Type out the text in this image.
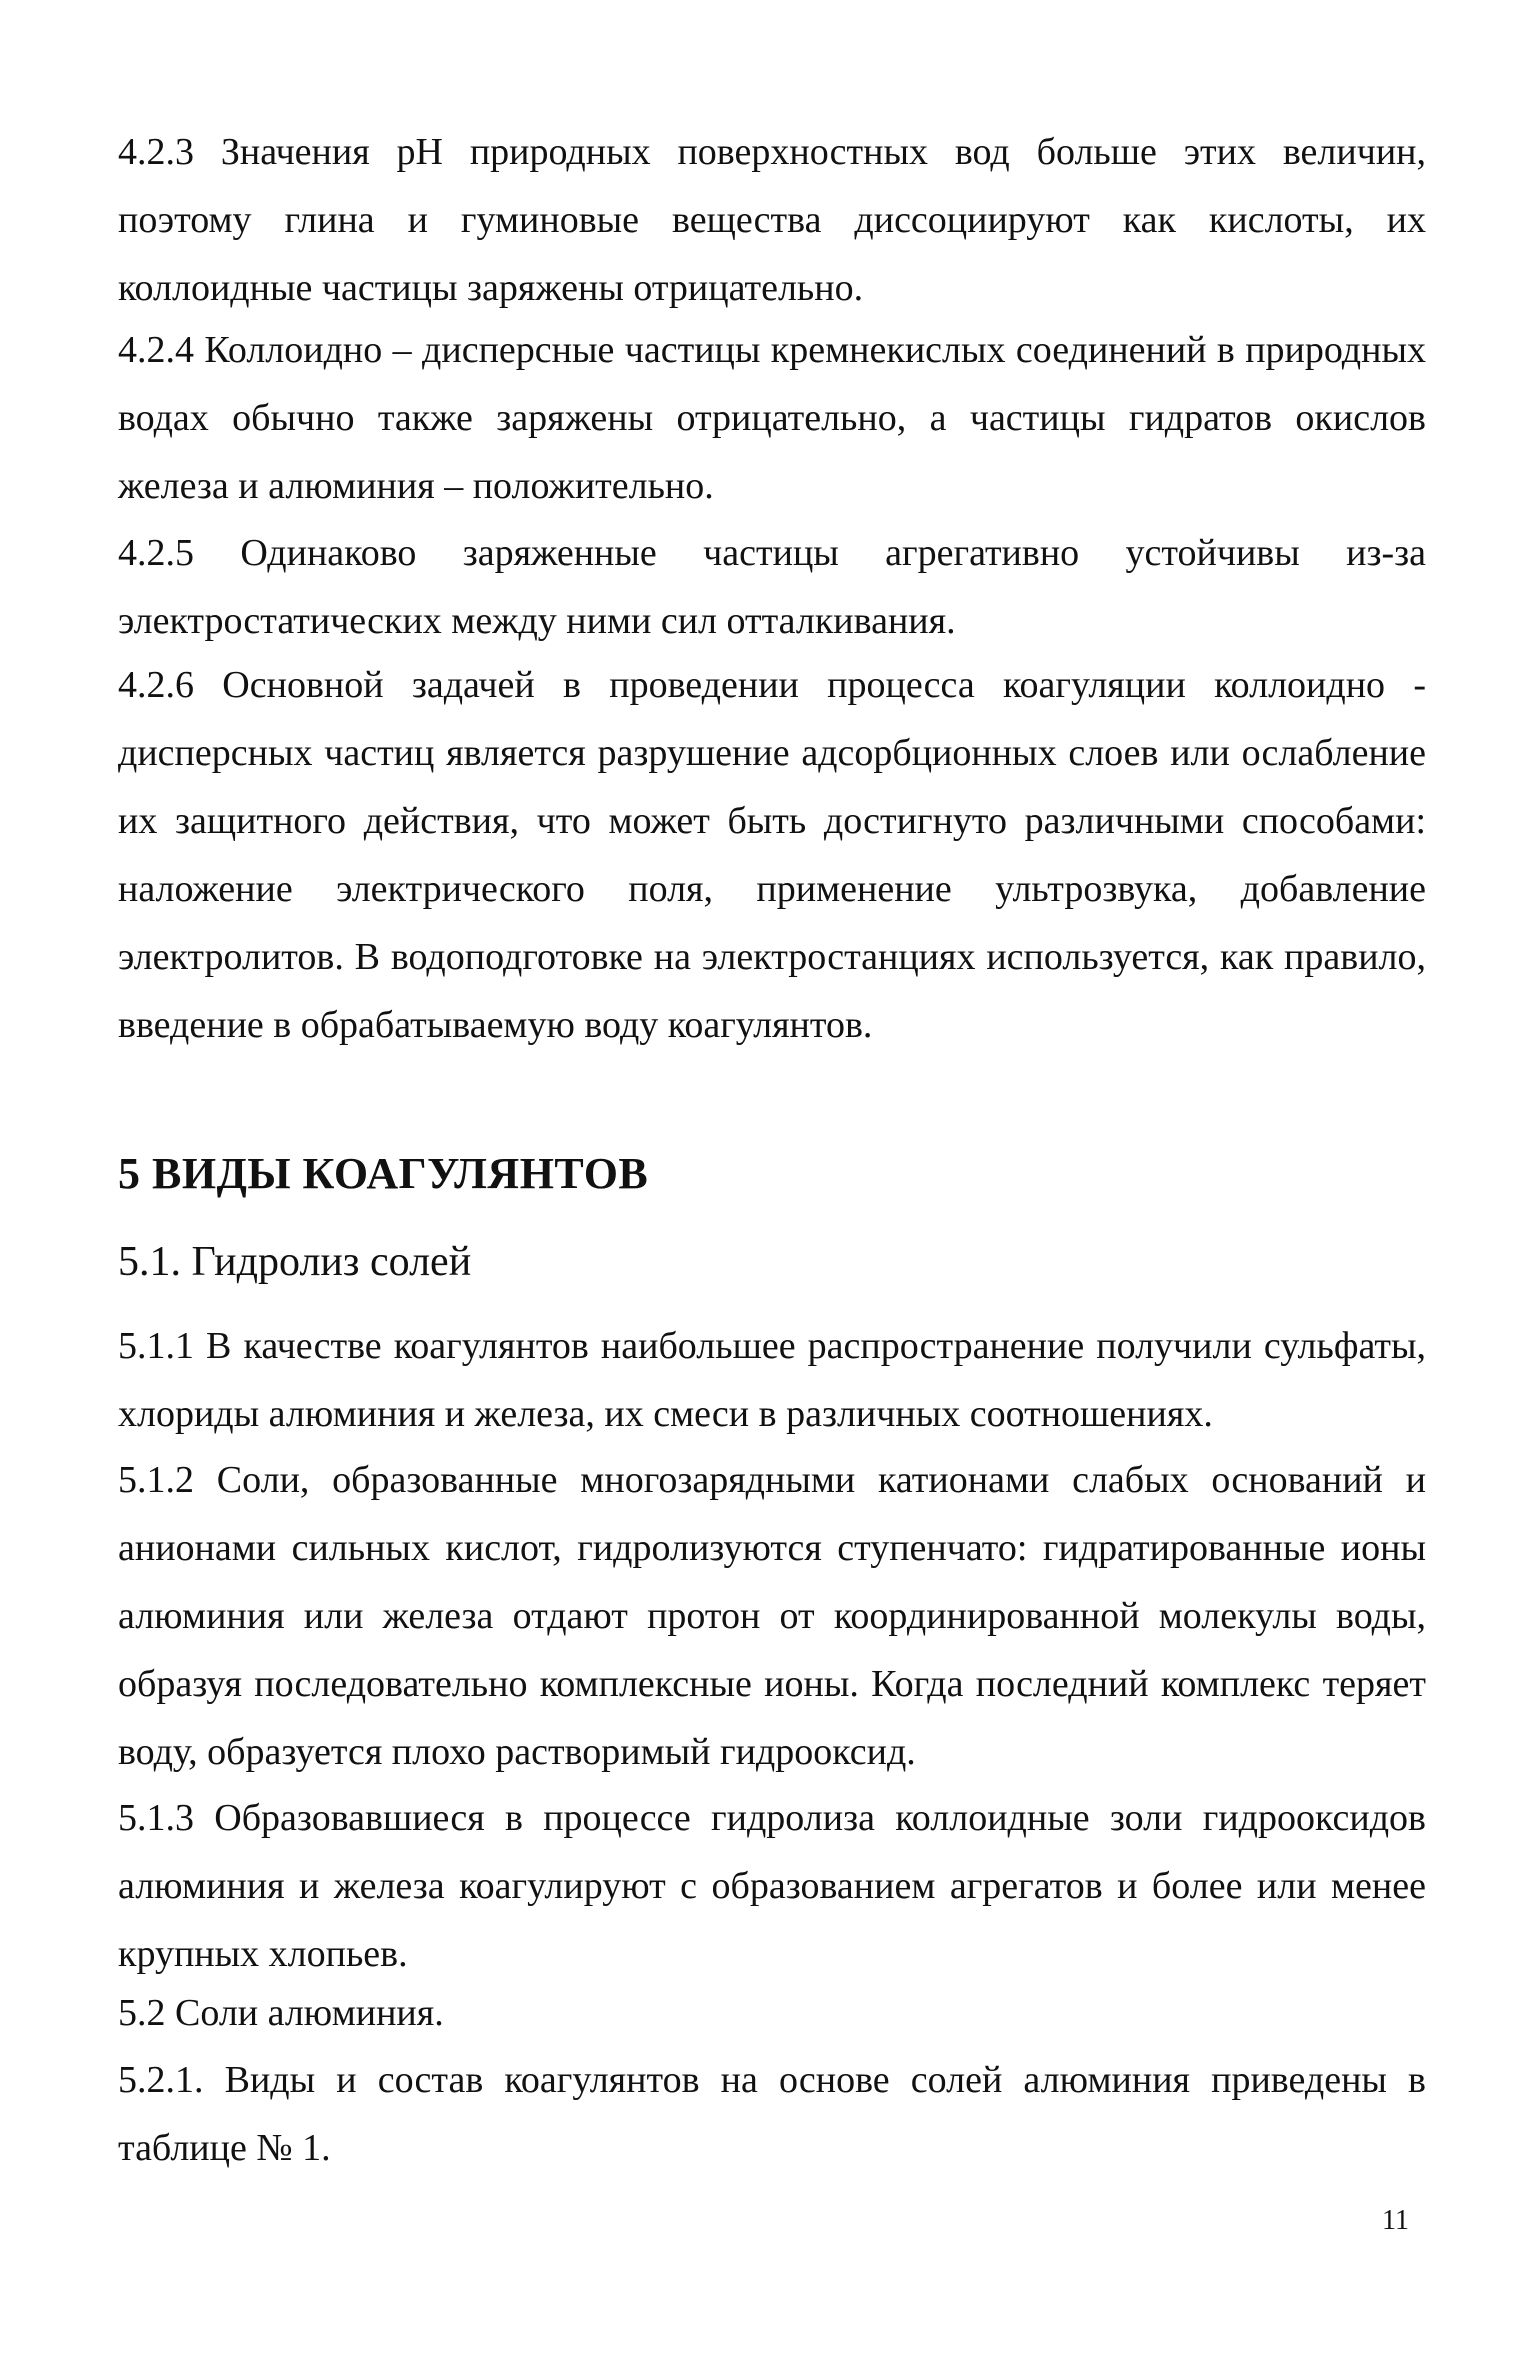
4.2.3 Значения pH природных поверхностных вод больше этих величин, поэтому глина и гуминовые вещества диссоциируют как кислоты, их коллоидные частицы заряжены отрицательно.

4.2.4 Коллоидно – дисперсные частицы кремнекислых соединений в природных водах обычно также заряжены отрицательно, а частицы гидратов окислов железа и алюминия – положительно.

4.2.5 Одинаково заряженные частицы агрегативно устойчивы из-за электростатических между ними сил отталкивания.

4.2.6 Основной задачей в проведении процесса коагуляции коллоидно - дисперсных частиц является разрушение адсорбционных слоев или ослабление их защитного действия, что может быть достигнуто различными способами: наложение электрического поля, применение ультрозвука, добавление электролитов. В водоподготовке на электростанциях используется, как правило, введение в обрабатываемую воду коагулянтов.

5 ВИДЫ КОАГУЛЯНТОВ
5.1. Гидролиз солей

5.1.1 В качестве коагулянтов наибольшее распространение получили сульфаты, хлориды алюминия и железа, их смеси в различных соотношениях.

5.1.2 Соли, образованные многозарядными катионами слабых оснований и анионами сильных кислот, гидролизуются ступенчато: гидратированные ионы алюминия или железа отдают протон от координированной молекулы воды, образуя последовательно комплексные ионы. Когда последний комплекс теряет воду, образуется плохо растворимый гидрооксид.

5.1.3 Образовавшиеся в процессе гидролиза коллоидные золи гидрооксидов алюминия и железа коагулируют с образованием агрегатов и более или менее крупных хлопьев.

5.2 Соли алюминия.

5.2.1. Виды и состав коагулянтов на основе солей алюминия приведены в таблице № 1.

11
